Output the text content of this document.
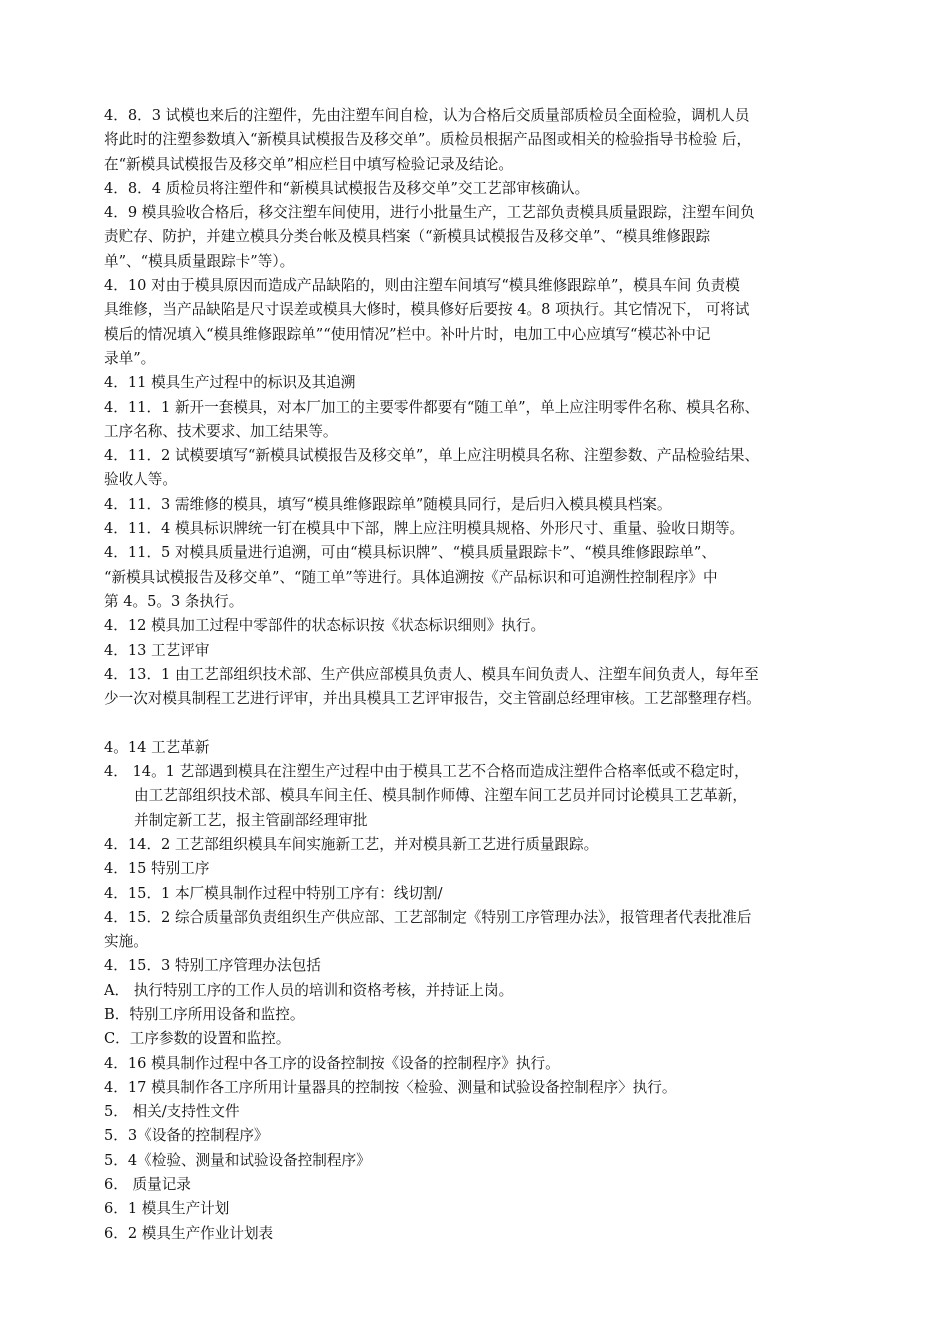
4．8．3 试模也来后的注塑件，先由注塑车间自检，认为合格后交质量部质检员全面检验，调机人员
将此时的注塑参数填入“新模具试模报告及移交单”。质检员根据产品图或相关的检验指导书检验 后，
在“新模具试模报告及移交单”相应栏目中填写检验记录及结论。
4．8．4 质检员将注塑件和“新模具试模报告及移交单”交工艺部审核确认。
4．9 模具验收合格后，移交注塑车间使用，进行小批量生产，工艺部负责模具质量跟踪，注塑车间负
责贮存、防护，并建立模具分类台帐及模具档案（“新模具试模报告及移交单”、“模具维修跟踪
单”、“模具质量跟踪卡”等）。
4．10 对由于模具原因而造成产品缺陷的，则由注塑车间填写“模具维修跟踪单”，模具车间 负责模
具维修，当产品缺陷是尺寸误差或模具大修时，模具修好后要按 4。8 项执行。其它情况下， 可将试
模后的情况填入“模具维修跟踪单”“使用情况”栏中。补叶片时，电加工中心应填写“模芯补中记
录单”。
4．11 模具生产过程中的标识及其追溯
4．11．1 新开一套模具，对本厂加工的主要零件都要有“随工单”，单上应注明零件名称、模具名称、
工序名称、技术要求、加工结果等。
4．11．2 试模要填写“新模具试模报告及移交单”，单上应注明模具名称、注塑参数、产品检验结果、
验收人等。
4．11．3 需维修的模具，填写“模具维修跟踪单”随模具同行，是后归入模具模具档案。
4．11．4 模具标识牌统一钉在模具中下部，牌上应注明模具规格、外形尺寸、重量、验收日期等。
4．11．5 对模具质量进行追溯，可由“模具标识牌”、“模具质量跟踪卡”、“模具维修跟踪单”、
“新模具试模报告及移交单”、“随工单”等进行。具体追溯按《产品标识和可追溯性控制程序》中
第 4。5。3 条执行。
4．12 模具加工过程中零部件的状态标识按《状态标识细则》执行。
4．13 工艺评审
4．13．1 由工艺部组织技术部、生产供应部模具负责人、模具车间负责人、注塑车间负责人，每年至
少一次对模具制程工艺进行评审，并出具模具工艺评审报告，交主管副总经理审核。工艺部整理存档。
4。14 工艺革新
4． 14。1 艺部遇到模具在注塑生产过程中由于模具工艺不合格而造成注塑件合格率低或不稳定时，
由工艺部组织技术部、模具车间主任、模具制作师傅、注塑车间工艺员并同讨论模具工艺革新，
并制定新工艺，报主管副部经理审批
4．14．2 工艺部组织模具车间实施新工艺，并对模具新工艺进行质量跟踪。
4．15 特别工序
4．15．1 本厂模具制作过程中特别工序有：线切割/
4．15．2 综合质量部负责组织生产供应部、工艺部制定《特别工序管理办法》，报管理者代表批准后
实施。
4．15．3 特别工序管理办法包括
A． 执行特别工序的工作人员的培训和资格考核，并持证上岗。
B．特别工序所用设备和监控。
C．工序参数的设置和监控。
4．16 模具制作过程中各工序的设备控制按《设备的控制程序》执行。
4．17 模具制作各工序所用计量器具的控制按〈检验、测量和试验设备控制程序〉执行。
5． 相关/支持性文件
5．3《设备的控制程序》
5．4《检验、测量和试验设备控制程序》
6． 质量记录
6．1 模具生产计划
6．2 模具生产作业计划表
